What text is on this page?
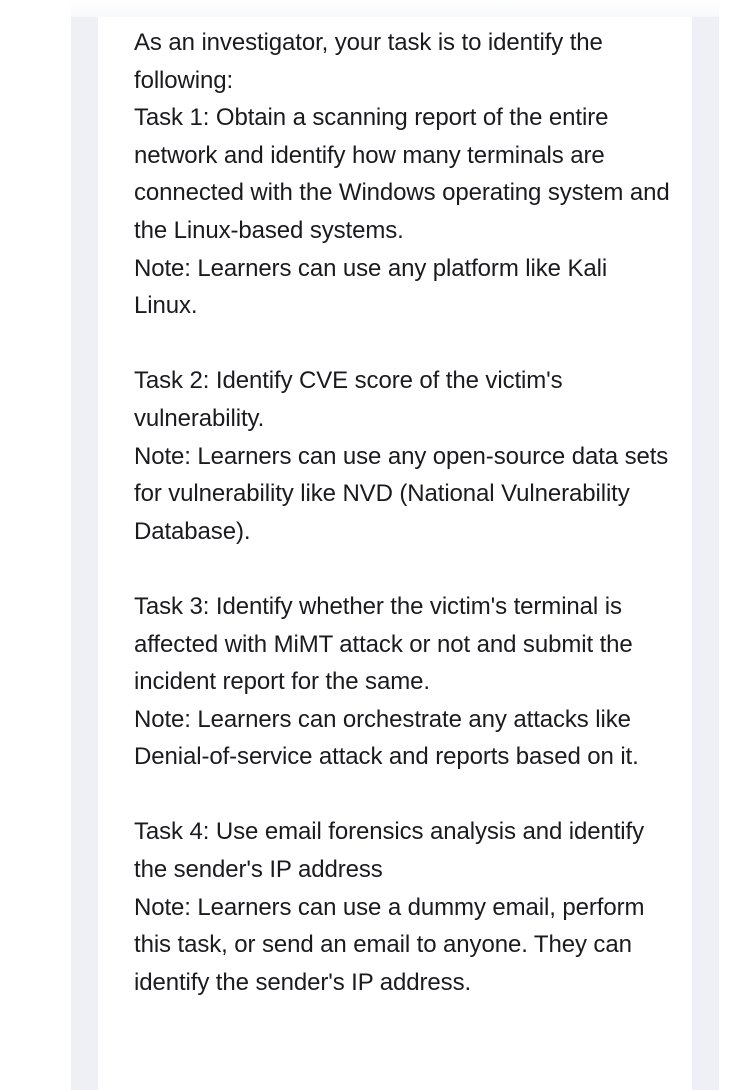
As an investigator, your task is to identify the following:

Task 1: Obtain a scanning report of the entire network and identify how many terminals are connected with the Windows operating system and the Linux-based systems.

Note: Learners can use any platform like Kali Linux.

Task 2: Identify CVE score of the victim's vulnerability.

Note: Learners can use any open-source data sets for vulnerability like NVD (National Vulnerability Database).

Task 3: Identify whether the victim's terminal is affected with MiMT attack or not and submit the incident report for the same.

Note: Learners can orchestrate any attacks like Denial-of-service attack and reports based on it.

Task 4: Use email forensics analysis and identify the sender's IP address

Note: Learners can use a dummy email, perform this task, or send an email to anyone. They can identify the sender's IP address.
